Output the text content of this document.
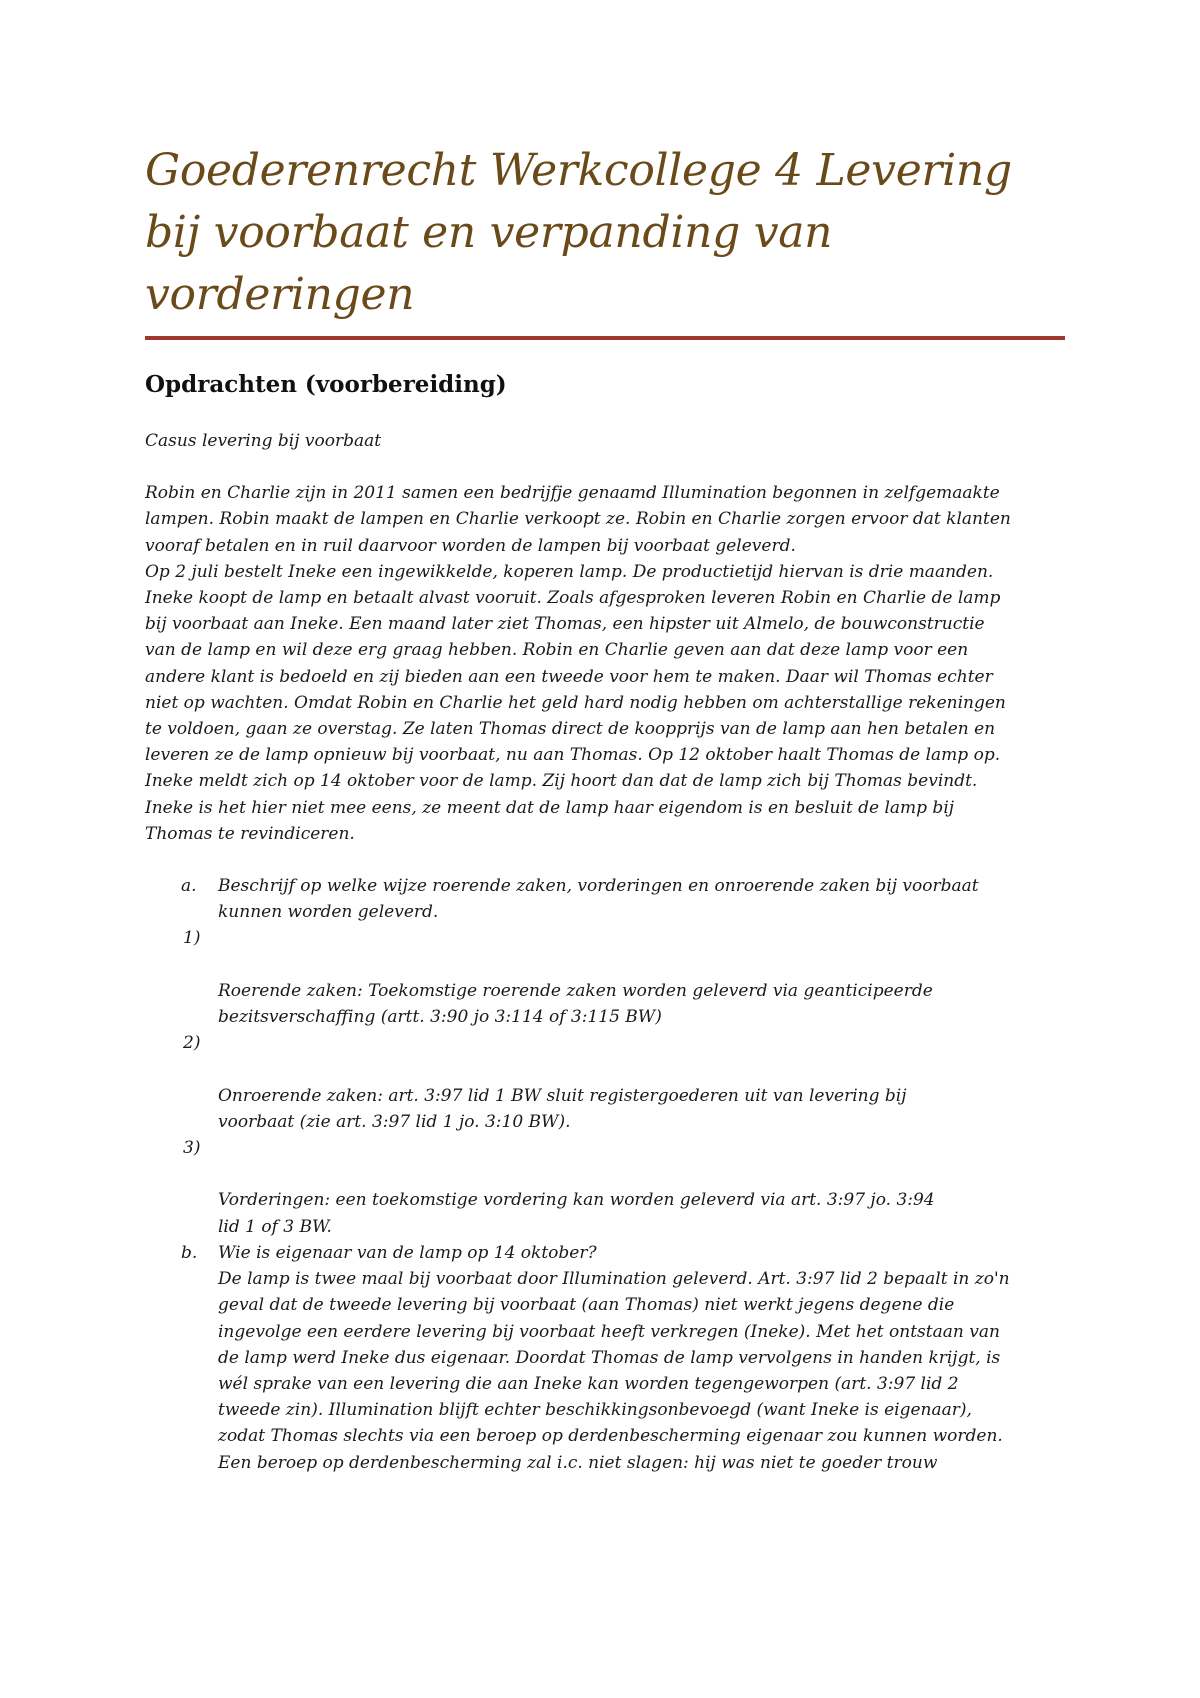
Goederenrecht Werkcollege 4 Levering
bij voorbaat en verpanding van
vorderingen
Opdrachten (voorbereiding)
Casus levering bij voorbaat
Robin en Charlie zijn in 2011 samen een bedrijfje genaamd Illumination begonnen in zelfgemaakte
lampen. Robin maakt de lampen en Charlie verkoopt ze. Robin en Charlie zorgen ervoor dat klanten
vooraf betalen en in ruil daarvoor worden de lampen bij voorbaat geleverd.
Op 2 juli bestelt Ineke een ingewikkelde, koperen lamp. De productietijd hiervan is drie maanden.
Ineke koopt de lamp en betaalt alvast vooruit. Zoals afgesproken leveren Robin en Charlie de lamp
bij voorbaat aan Ineke. Een maand later ziet Thomas, een hipster uit Almelo, de bouwconstructie
van de lamp en wil deze erg graag hebben. Robin en Charlie geven aan dat deze lamp voor een
andere klant is bedoeld en zij bieden aan een tweede voor hem te maken. Daar wil Thomas echter
niet op wachten. Omdat Robin en Charlie het geld hard nodig hebben om achterstallige rekeningen
te voldoen, gaan ze overstag. Ze laten Thomas direct de koopprijs van de lamp aan hen betalen en
leveren ze de lamp opnieuw bij voorbaat, nu aan Thomas. Op 12 oktober haalt Thomas de lamp op.
Ineke meldt zich op 14 oktober voor de lamp. Zij hoort dan dat de lamp zich bij Thomas bevindt.
Ineke is het hier niet mee eens, ze meent dat de lamp haar eigendom is en besluit de lamp bij
Thomas te revindiceren.
a. Beschrijf op welke wijze roerende zaken, vorderingen en onroerende zaken bij voorbaat
kunnen worden geleverd.

1)

Roerende zaken: Toekomstige roerende zaken worden geleverd via geanticipeerde
bezitsverschaffing (artt. 3:90 jo 3:114 of 3:115 BW)

2)

Onroerende zaken: art. 3:97 lid 1 BW sluit registergoederen uit van levering bij
voorbaat (zie art. 3:97 lid 1 jo. 3:10 BW).

3)

Vorderingen: een toekomstige vordering kan worden geleverd via art. 3:97 jo. 3:94
lid 1 of 3 BW.

b. Wie is eigenaar van de lamp op 14 oktober?
De lamp is twee maal bij voorbaat door Illumination geleverd. Art. 3:97 lid 2 bepaalt in zo'n
geval dat de tweede levering bij voorbaat (aan Thomas) niet werkt jegens degene die
ingevolge een eerdere levering bij voorbaat heeft verkregen (Ineke). Met het ontstaan van
de lamp werd Ineke dus eigenaar. Doordat Thomas de lamp vervolgens in handen krijgt, is
wél sprake van een levering die aan Ineke kan worden tegengeworpen (art. 3:97 lid 2
tweede zin). Illumination blijft echter beschikkingsonbevoegd (want Ineke is eigenaar),
zodat Thomas slechts via een beroep op derdenbescherming eigenaar zou kunnen worden.
Een beroep op derdenbescherming zal i.c. niet slagen: hij was niet te goeder trouw
